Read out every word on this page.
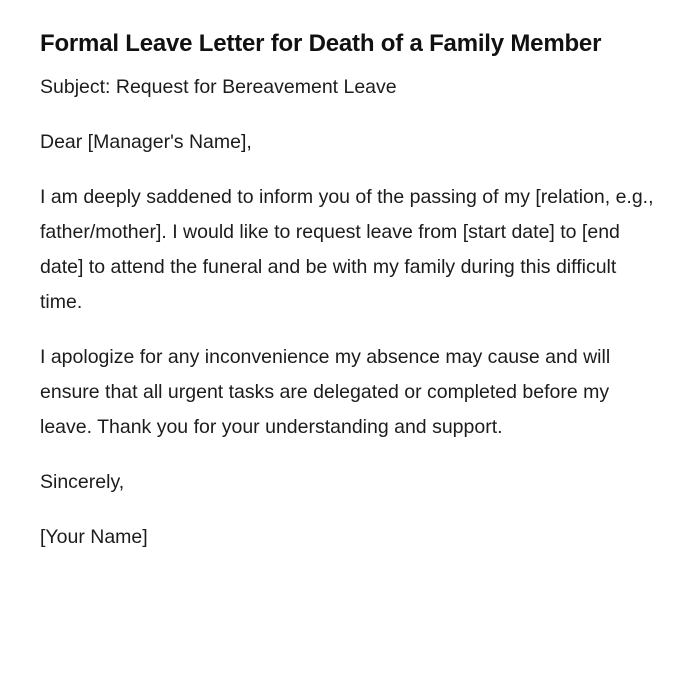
Formal Leave Letter for Death of a Family Member

Subject: Request for Bereavement Leave

Dear [Manager's Name],

I am deeply saddened to inform you of the passing of my [relation, e.g., father/mother]. I would like to request leave from [start date] to [end date] to attend the funeral and be with my family during this difficult time.

I apologize for any inconvenience my absence may cause and will ensure that all urgent tasks are delegated or completed before my leave. Thank you for your understanding and support.

Sincerely,

[Your Name]
